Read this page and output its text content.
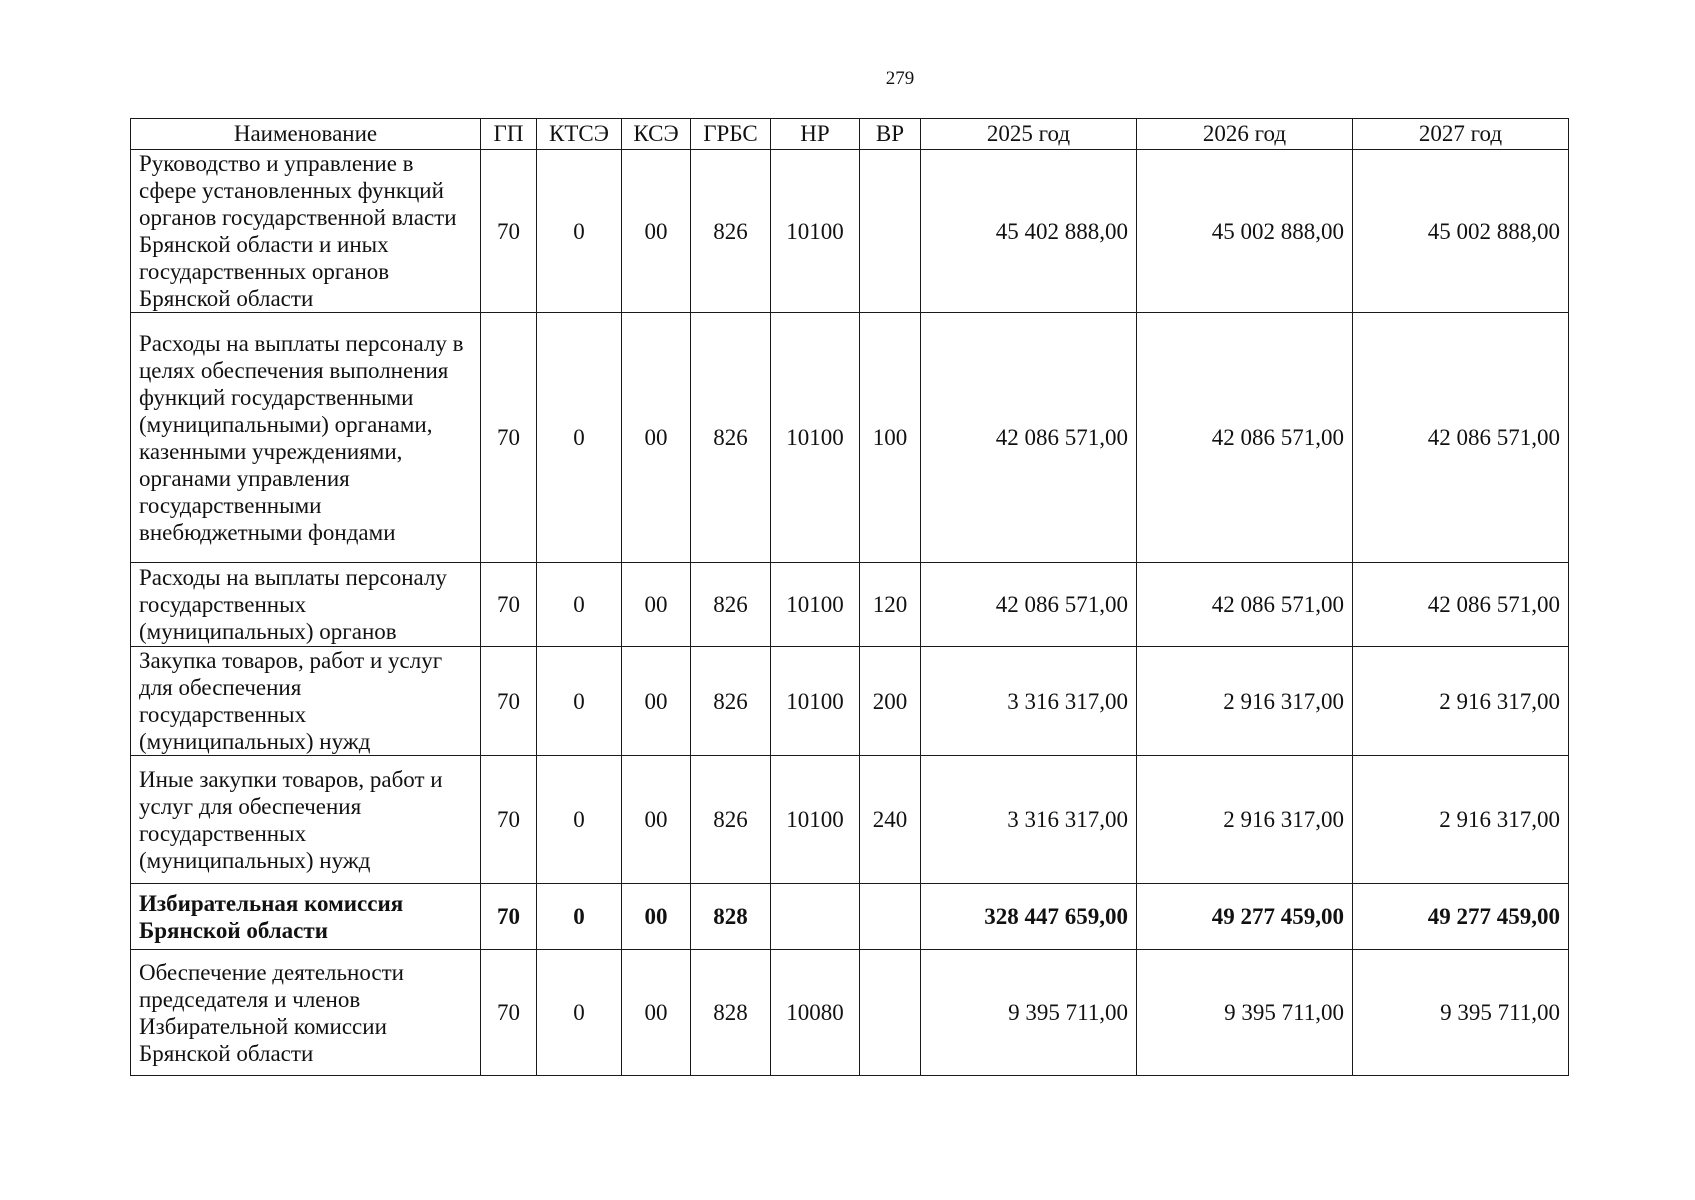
279
Наименование	ГП	КТСЭ	КСЭ	ГРБС	НР	ВР	2025 год	2026 год	2027 год
Руководство и управление в сфере установленных функций органов государственной власти Брянской области и иных государственных органов Брянской области	70	0	00	826	10100		45 402 888,00	45 002 888,00	45 002 888,00
Расходы на выплаты персоналу в целях обеспечения выполнения функций государственными (муниципальными) органами, казенными учреждениями, органами управления государственными внебюджетными фондами	70	0	00	826	10100	100	42 086 571,00	42 086 571,00	42 086 571,00
Расходы на выплаты персоналу государственных (муниципальных) органов	70	0	00	826	10100	120	42 086 571,00	42 086 571,00	42 086 571,00
Закупка товаров, работ и услуг для обеспечения государственных (муниципальных) нужд	70	0	00	826	10100	200	3 316 317,00	2 916 317,00	2 916 317,00
Иные закупки товаров, работ и услуг для обеспечения государственных (муниципальных) нужд	70	0	00	826	10100	240	3 316 317,00	2 916 317,00	2 916 317,00
Избирательная комиссия Брянской области	70	0	00	828			328 447 659,00	49 277 459,00	49 277 459,00
Обеспечение деятельности председателя и членов Избирательной комиссии Брянской области	70	0	00	828	10080		9 395 711,00	9 395 711,00	9 395 711,00
